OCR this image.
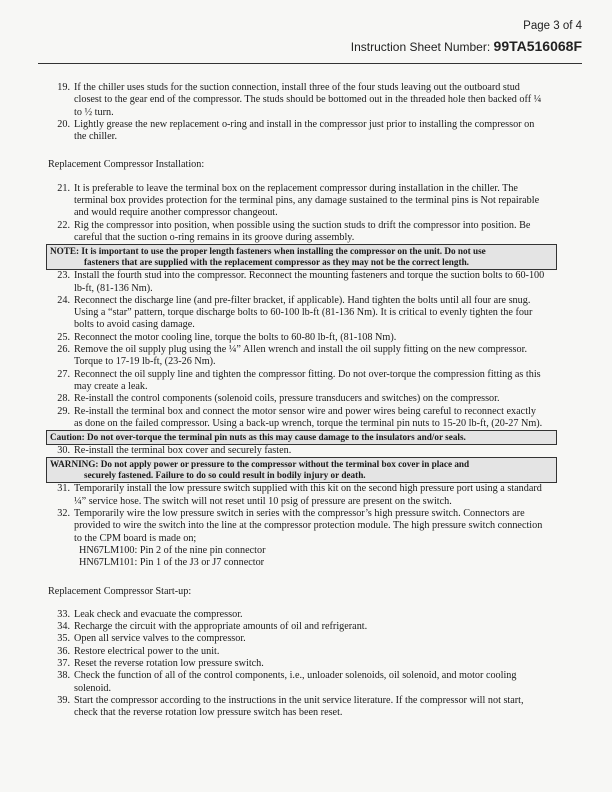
Page 3 of 4
Instruction Sheet Number: 99TA516068F
19. If the chiller uses studs for the suction connection, install three of the four studs leaving out the outboard stud closest to the gear end of the compressor. The studs should be bottomed out in the threaded hole then backed off ¼ to ½ turn.
20. Lightly grease the new replacement o-ring and install in the compressor just prior to installing the compressor on the chiller.
Replacement Compressor Installation:
21. It is preferable to leave the terminal box on the replacement compressor during installation in the chiller. The terminal box provides protection for the terminal pins, any damage sustained to the terminal pins is Not repairable and would require another compressor changeout.
22. Rig the compressor into position, when possible using the suction studs to drift the compressor into position. Be careful that the suction o-ring remains in its groove during assembly.
NOTE: It is important to use the proper length fasteners when installing the compressor on the unit. Do not use
fasteners that are supplied with the replacement compressor as they may not be the correct length.
23. Install the fourth stud into the compressor. Reconnect the mounting fasteners and torque the suction bolts to 60-100 lb-ft, (81-136 Nm).
24. Reconnect the discharge line (and pre-filter bracket, if applicable). Hand tighten the bolts until all four are snug. Using a “star” pattern, torque discharge bolts to 60-100 lb-ft (81-136 Nm). It is critical to evenly tighten the four bolts to avoid casing damage.
25. Reconnect the motor cooling line, torque the bolts to 60-80 lb-ft, (81-108 Nm).
26. Remove the oil supply plug using the ¼” Allen wrench and install the oil supply fitting on the new compressor. Torque to 17-19 lb-ft, (23-26 Nm).
27. Reconnect the oil supply line and tighten the compressor fitting. Do not over-torque the compression fitting as this may create a leak.
28. Re-install the control components (solenoid coils, pressure transducers and switches) on the compressor.
29. Re-install the terminal box and connect the motor sensor wire and power wires being careful to reconnect exactly as done on the failed compressor. Using a back-up wrench, torque the terminal pin nuts to 15-20 lb-ft, (20-27 Nm).
Caution: Do not over-torque the terminal pin nuts as this may cause damage to the insulators and/or seals.
30. Re-install the terminal box cover and securely fasten.
WARNING: Do not apply power or pressure to the compressor without the terminal box cover in place and
securely fastened. Failure to do so could result in bodily injury or death.
31. Temporarily install the low pressure switch supplied with this kit on the second high pressure port using a standard ¼” service hose. The switch will not reset until 10 psig of pressure are present on the switch.
32. Temporarily wire the low pressure switch in series with the compressor’s high pressure switch. Connectors are provided to wire the switch into the line at the compressor protection module. The high pressure switch connection to the CPM board is made on;
HN67LM100: Pin 2 of the nine pin connector
HN67LM101: Pin 1 of the J3 or J7 connector
Replacement Compressor Start-up:
33. Leak check and evacuate the compressor.
34. Recharge the circuit with the appropriate amounts of oil and refrigerant.
35. Open all service valves to the compressor.
36. Restore electrical power to the unit.
37. Reset the reverse rotation low pressure switch.
38. Check the function of all of the control components, i.e., unloader solenoids, oil solenoid, and motor cooling solenoid.
39. Start the compressor according to the instructions in the unit service literature. If the compressor will not start, check that the reverse rotation low pressure switch has been reset.
